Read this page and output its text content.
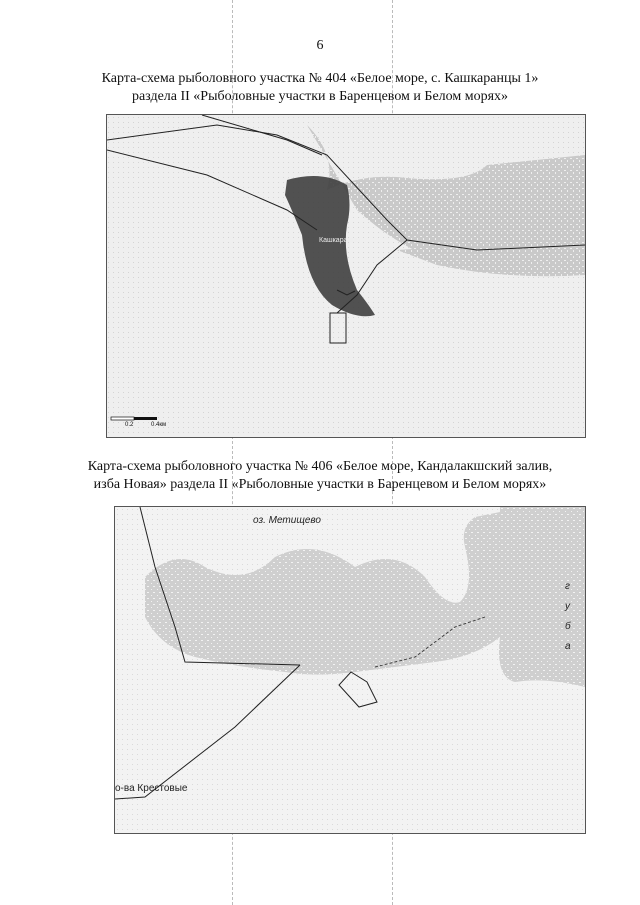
6
Карта-схема рыболовного участка № 404 «Белое море, с. Кашкаранцы 1»
раздела II «Рыболовные участки в Баренцевом и Белом морях»
Кашкаранцы
0.2	0.4км
Карта-схема рыболовного участка № 406 «Белое море, Кандалакшский залив,
изба Новая» раздела II «Рыболовные участки в Баренцевом и Белом морях»
оз. Метищево
о-ва Крестовые
губа
